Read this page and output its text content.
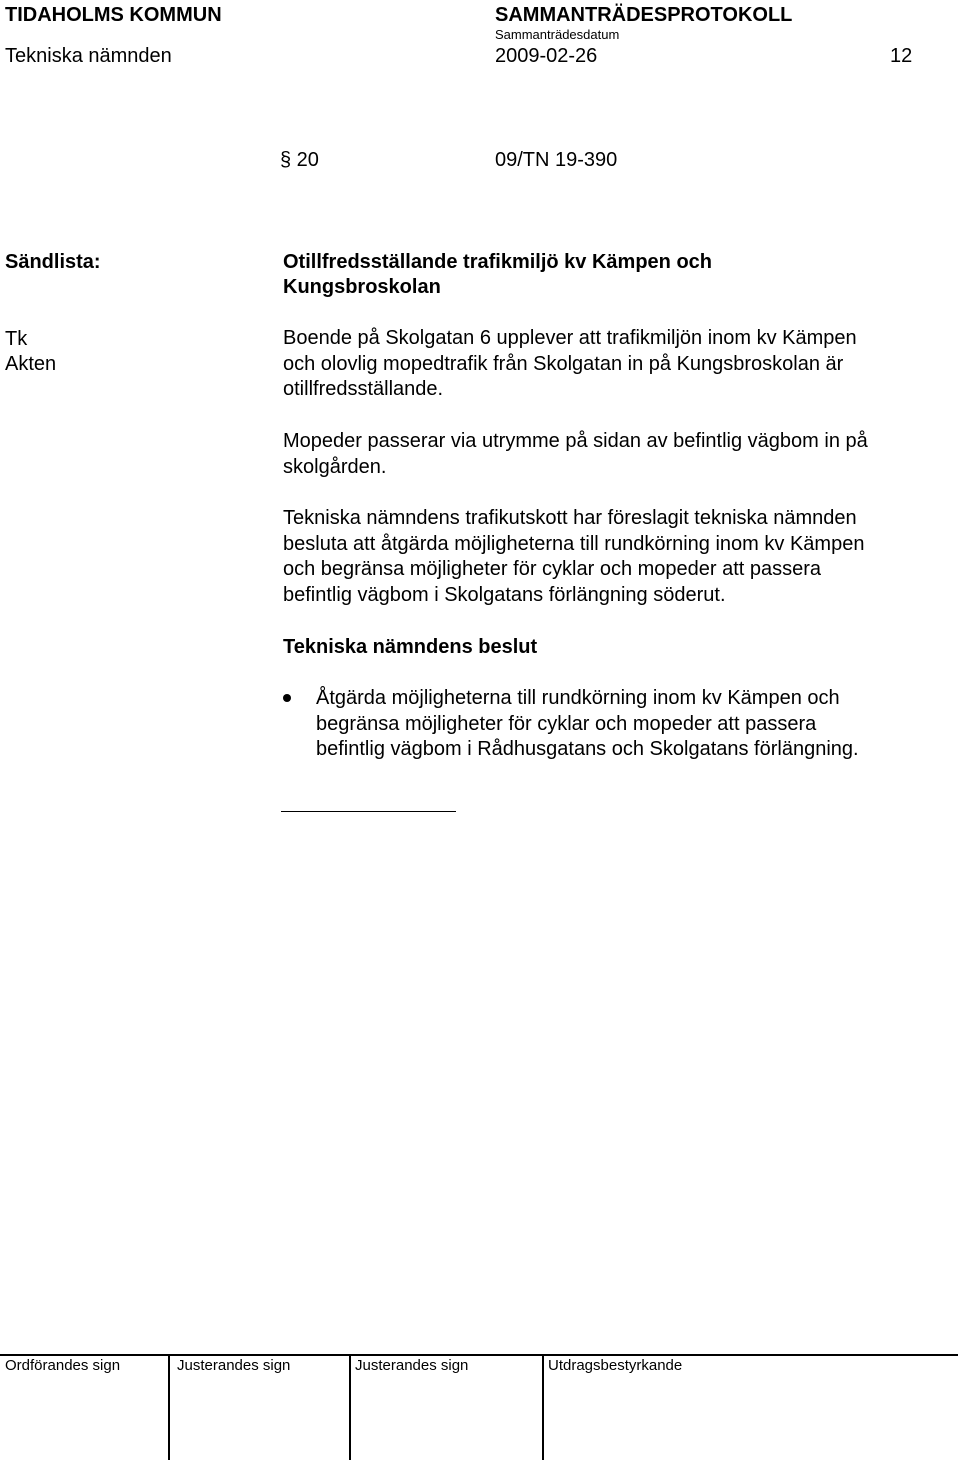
TIDAHOLMS KOMMUN	SAMMANTRÄDESPROTOKOLL
Sammanträdesdatum
Tekniska nämnden	2009-02-26	12
§ 20	09/TN 19-390
Sändlista:
Tk
Akten
Otillfredsställande trafikmiljö kv Kämpen och
Kungsbroskolan
Boende på Skolgatan 6 upplever att trafikmiljön inom kv Kämpen
och olovlig mopedtrafik från Skolgatan in på Kungsbroskolan är
otillfredsställande.
Mopeder passerar via utrymme på sidan av befintlig vägbom in på
skolgården.
Tekniska nämndens trafikutskott har föreslagit tekniska nämnden
besluta att åtgärda möjligheterna till rundkörning inom kv Kämpen
och begränsa möjligheter för cyklar och mopeder att passera
befintlig vägbom i Skolgatans förlängning söderut.
Tekniska nämndens beslut
Åtgärda möjligheterna till rundkörning inom kv Kämpen och
begränsa möjligheter för cyklar och mopeder att passera
befintlig vägbom i Rådhusgatans och Skolgatans förlängning.
Ordförandes sign	Justerandes sign	Justerandes sign	Utdragsbestyrkande
